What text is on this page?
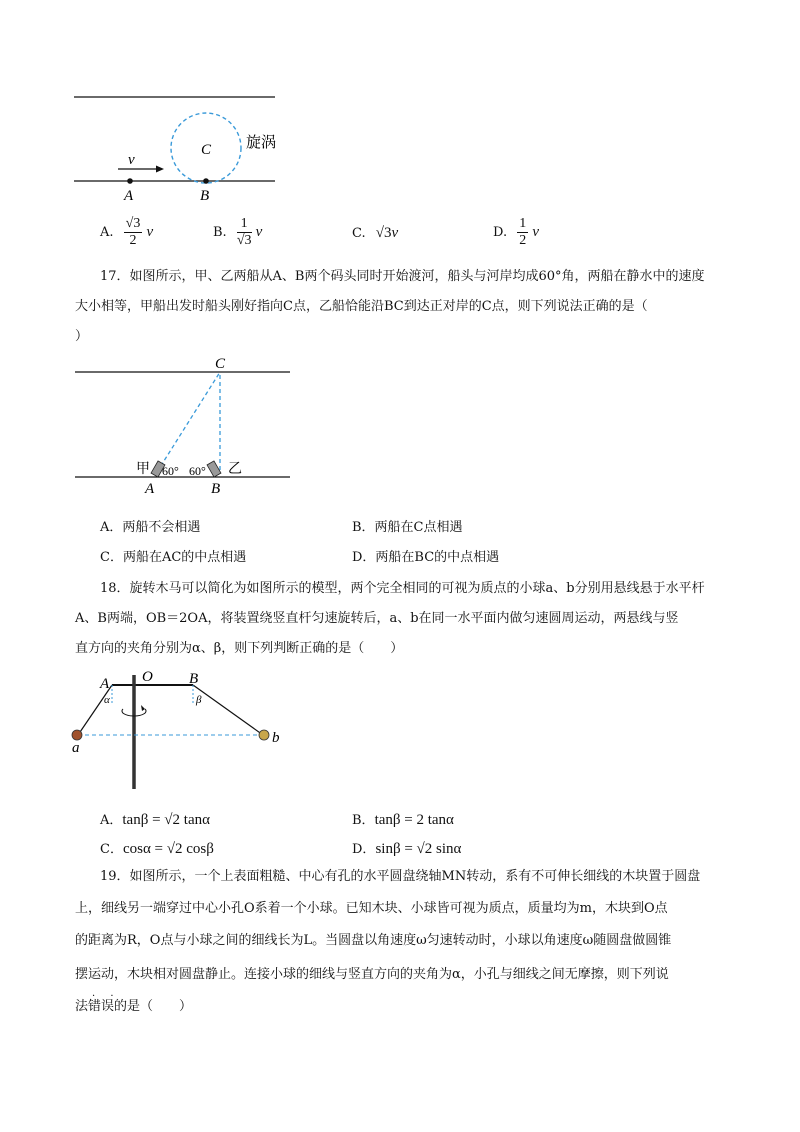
v
C
A	B
旋涡
A. $\frac{√3}{2}$ v	B. $\frac{1}{√3}$ v	C. √3v	D. $\frac{1}{2}$ v
17．如图所示，甲、乙两船从A、B两个码头同时开始渡河，船头与河岸均成60°角，两船在静水中的速度
大小相等，甲船出发时船头刚好指向C点，乙船恰能沿BC到达正对岸的C点，则下列说法正确的是（
）
C
A	B
甲	乙
60° 60°
A．两船不会相遇	B．两船在C点相遇
C．两船在AC的中点相遇	D．两船在BC的中点相遇
18．旋转木马可以简化为如图所示的模型，两个完全相同的可视为质点的小球a、b分别用悬线悬于水平杆
A、B两端，OB＝2OA，将装置绕竖直杆匀速旋转后，a、b在同一水平面内做匀速圆周运动，两悬线与竖
直方向的夹角分别为α、β，则下列判断正确的是（　　）
O
A	B
α	β
a
b
A．tanβ = √2 tanα	B．tanβ = 2 tanα
C．cosα = √2 cosβ	D．sinβ = √2 sinα
19．如图所示，一个上表面粗糙、中心有孔的水平圆盘绕轴MN转动，系有不可伸长细线的木块置于圆盘
上，细线另一端穿过中心小孔O系着一个小球。已知木块、小球皆可视为质点，质量均为m，木块到O点
的距离为R，O点与小球之间的细线长为L。当圆盘以角速度ω匀速转动时，小球以角速度ω随圆盘做圆锥
摆运动，木块相对圆盘静止。连接小球的细线与竖直方向的夹角为α，小孔与细线之间无摩擦，则下列说
法错误的是（　　）
· ·
